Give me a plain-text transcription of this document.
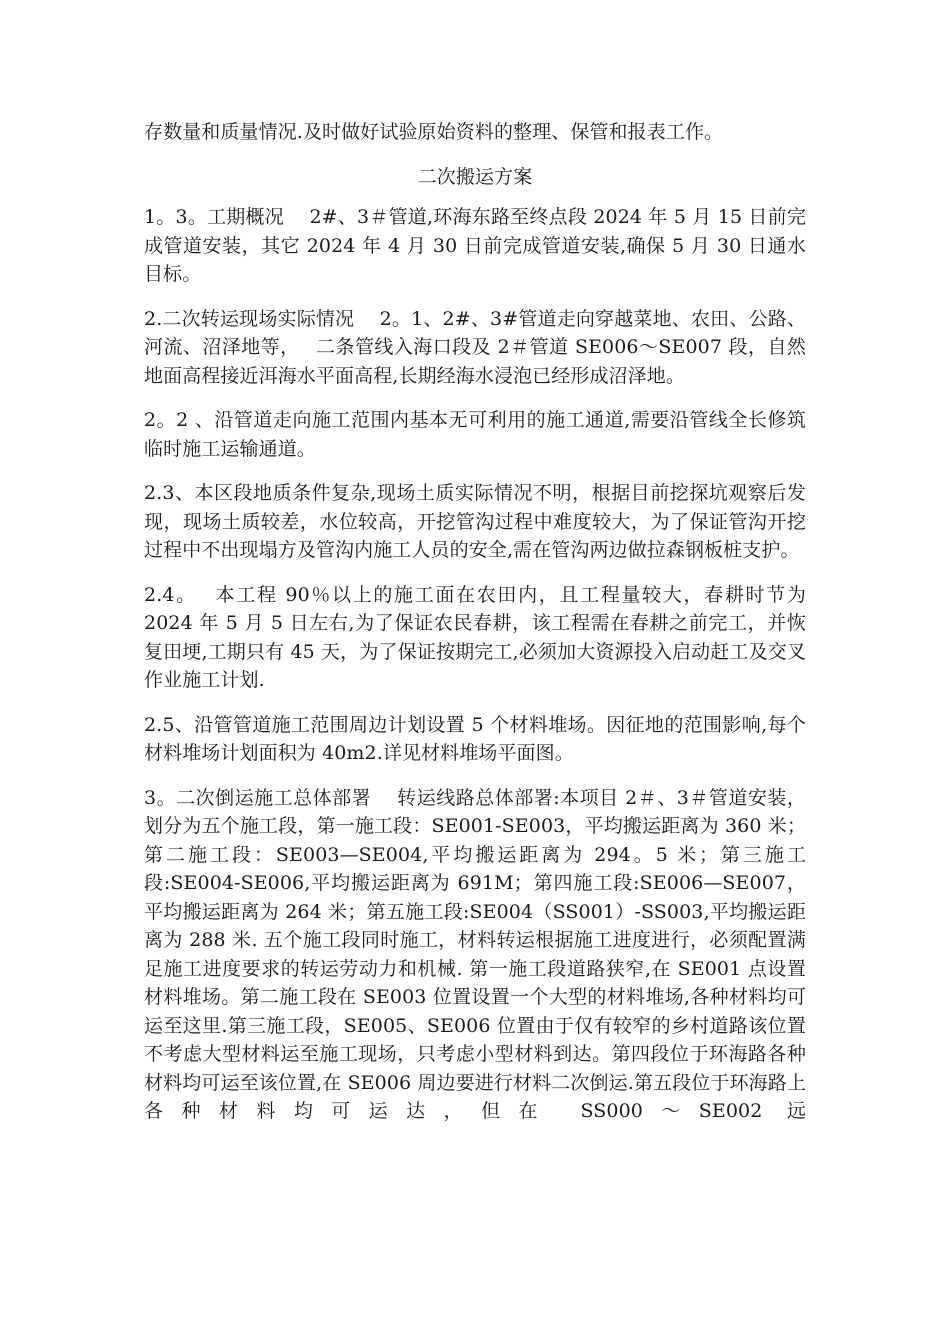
存数量和质量情况.及时做好试验原始资料的整理、保管和报表工作。

二次搬运方案

1。3。工期概况　 2#、3＃管道,环海东路至终点段 2024 年 5 月 15 日前完成管道安装，其它 2024 年 4 月 30 日前完成管道安装,确保 5 月 30 日通水目标。

2.二次转运现场实际情况　 2。1、2#、3#管道走向穿越菜地、农田、公路、河流、沼泽地等，　 二条管线入海口段及 2＃管道 SE006～SE007 段，自然地面高程接近洱海水平面高程,长期经海水浸泡已经形成沼泽地。

2。2 、沿管道走向施工范围内基本无可利用的施工通道,需要沿管线全长修筑临时施工运输通道。

2.3、本区段地质条件复杂,现场土质实际情况不明，根据目前挖探坑观察后发现，现场土质较差，水位较高，开挖管沟过程中难度较大，为了保证管沟开挖过程中不出现塌方及管沟内施工人员的安全,需在管沟两边做拉森钢板桩支护。

2.4。　 本工程 90％以上的施工面在农田内，且工程量较大，春耕时节为 2024 年 5 月 5 日左右,为了保证农民春耕，该工程需在春耕之前完工，并恢复田埂,工期只有 45 天，为了保证按期完工,必须加大资源投入启动赶工及交叉作业施工计划.

2.5、沿管管道施工范围周边计划设置 5 个材料堆场。因征地的范围影响,每个材料堆场计划面积为 40m2.详见材料堆场平面图。

3。二次倒运施工总体部署　 转运线路总体部署:本项目 2＃、3＃管道安装，划分为五个施工段，第一施工段：SE001-SE003，平均搬运距离为 360 米；第二施工段：SE003—SE004,平均搬运距离为 294。5 米；第三施工段:SE004-SE006,平均搬运距离为 691M；第四施工段:SE006—SE007，平均搬运距离为 264 米；第五施工段:SE004（SS001）-SS003,平均搬运距离为 288 米. 五个施工段同时施工，材料转运根据施工进度进行，必须配置满足施工进度要求的转运劳动力和机械. 第一施工段道路狭窄,在 SE001 点设置材料堆场。第二施工段在 SE003 位置设置一个大型的材料堆场,各种材料均可运至这里.第三施工段，SE005、SE006 位置由于仅有较窄的乡村道路该位置不考虑大型材料运至施工现场，只考虑小型材料到达。第四段位于环海路各种材料均可运至该位置,在 SE006 周边要进行材料二次倒运.第五段位于环海路上各种材料均可运达，但在 SS000～SE002 远
